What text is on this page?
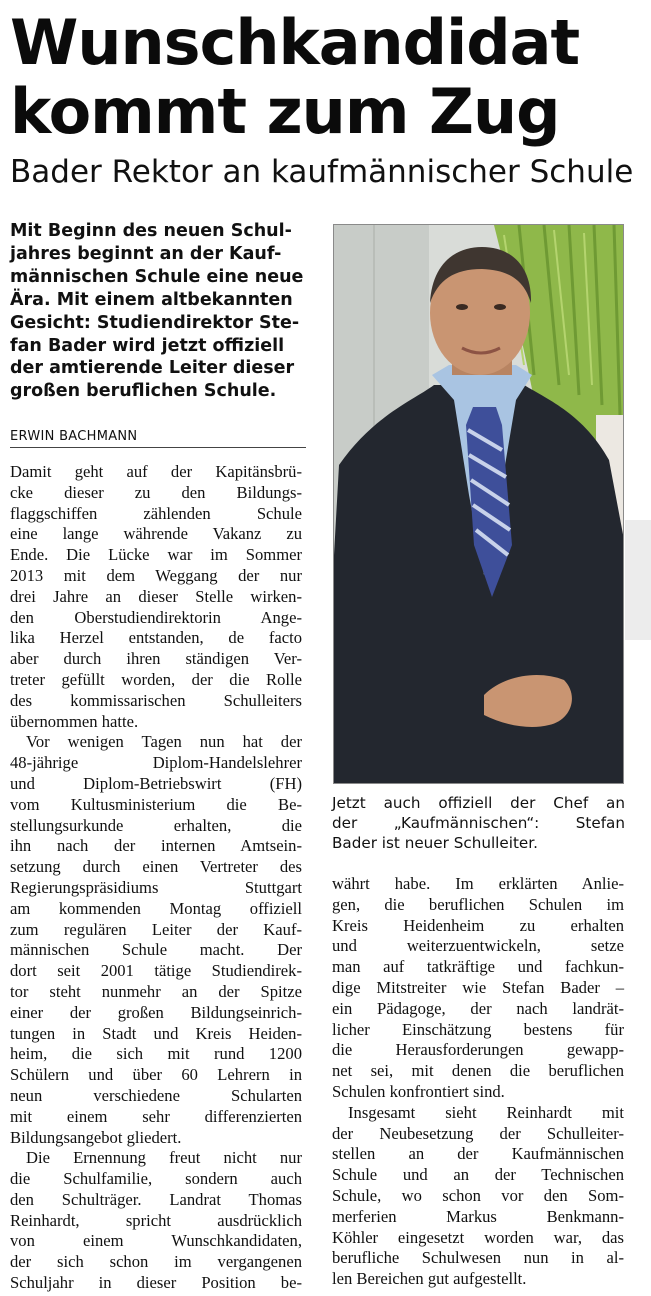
Wunschkandidat
kommt zum Zug
Bader Rektor an kaufmännischer Schule
Mit Beginn des neuen Schul-
jahres beginnt an der Kauf-
männischen Schule eine neue
Ära. Mit einem altbekannten
Gesicht: Studiendirektor Ste-
fan Bader wird jetzt offiziell
der amtierende Leiter dieser
großen beruflichen Schule.
ERWIN BACHMANN
Damit geht auf der Kapitänsbrü-
cke dieser zu den Bildungs-
flaggschiffen zählenden Schule
eine lange währende Vakanz zu
Ende. Die Lücke war im Sommer
2013 mit dem Weggang der nur
drei Jahre an dieser Stelle wirken-
den Oberstudiendirektorin Ange-
lika Herzel entstanden, de facto
aber durch ihren ständigen Ver-
treter gefüllt worden, der die Rolle
des kommissarischen Schulleiters
übernommen hatte.
Vor wenigen Tagen nun hat der
48-jährige Diplom-Handelslehrer
und Diplom-Betriebswirt (FH)
vom Kultusministerium die Be-
stellungsurkunde erhalten, die
ihn nach der internen Amtsein-
setzung durch einen Vertreter des
Regierungspräsidiums Stuttgart
am kommenden Montag offiziell
zum regulären Leiter der Kauf-
männischen Schule macht. Der
dort seit 2001 tätige Studiendirek-
tor steht nunmehr an der Spitze
einer der großen Bildungseinrich-
tungen in Stadt und Kreis Heiden-
heim, die sich mit rund 1200
Schülern und über 60 Lehrern in
neun verschiedene Schularten
mit einem sehr differenzierten
Bildungsangebot gliedert.
Die Ernennung freut nicht nur
die Schulfamilie, sondern auch
den Schulträger. Landrat Thomas
Reinhardt, spricht ausdrücklich
von einem Wunschkandidaten,
der sich schon im vergangenen
Schuljahr in dieser Position be-
Jetzt auch offiziell der Chef an
der „Kaufmännischen“: Stefan
Bader ist neuer Schulleiter.
währt habe. Im erklärten Anlie-
gen, die beruflichen Schulen im
Kreis Heidenheim zu erhalten
und weiterzuentwickeln, setze
man auf tatkräftige und fachkun-
dige Mitstreiter wie Stefan Bader –
ein Pädagoge, der nach landrät-
licher Einschätzung bestens für
die Herausforderungen gewapp-
net sei, mit denen die beruflichen
Schulen konfrontiert sind.
Insgesamt sieht Reinhardt mit
der Neubesetzung der Schulleiter-
stellen an der Kaufmännischen
Schule und an der Technischen
Schule, wo schon vor den Som-
merferien Markus Benkmann-
Köhler eingesetzt worden war, das
berufliche Schulwesen nun in al-
len Bereichen gut aufgestellt.
